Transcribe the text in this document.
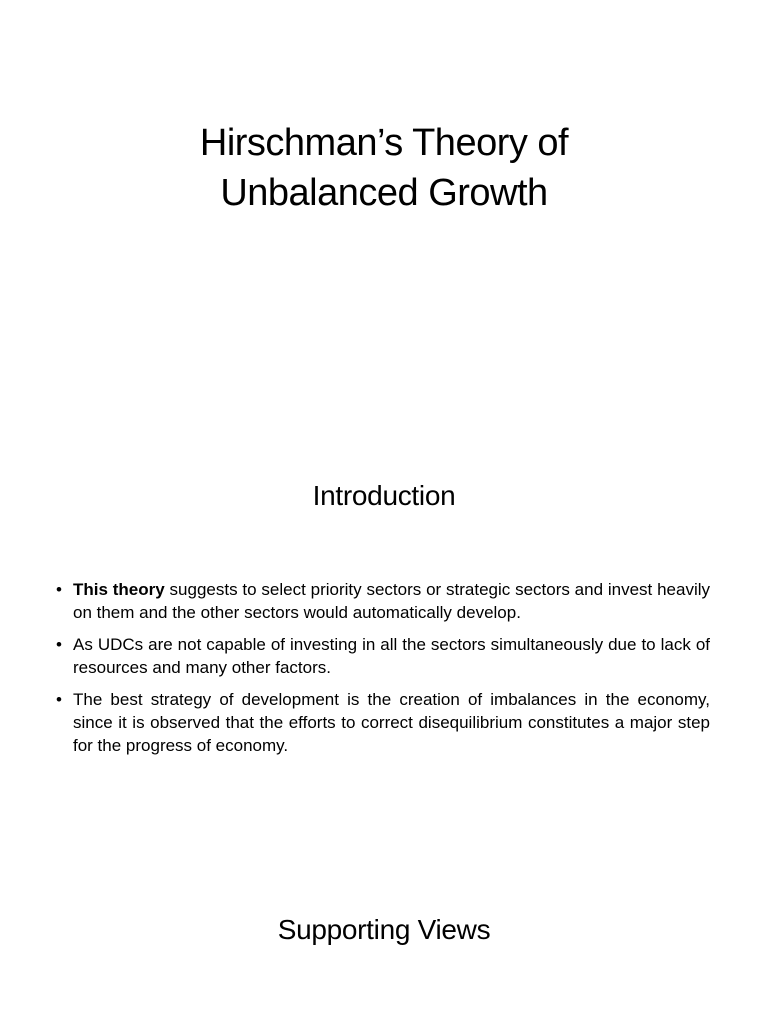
Hirschman’s Theory of
Unbalanced Growth
Introduction
• This theory suggests to select priority sectors or strategic sectors and invest heavily on them and the other sectors would automatically develop.
• As UDCs are not capable of investing in all the sectors simultaneously due to lack of resources and many other factors.
• The best strategy of development is the creation of imbalances in the economy, since it is observed that the efforts to correct disequilibrium constitutes a major step for the progress of economy.
Supporting Views
